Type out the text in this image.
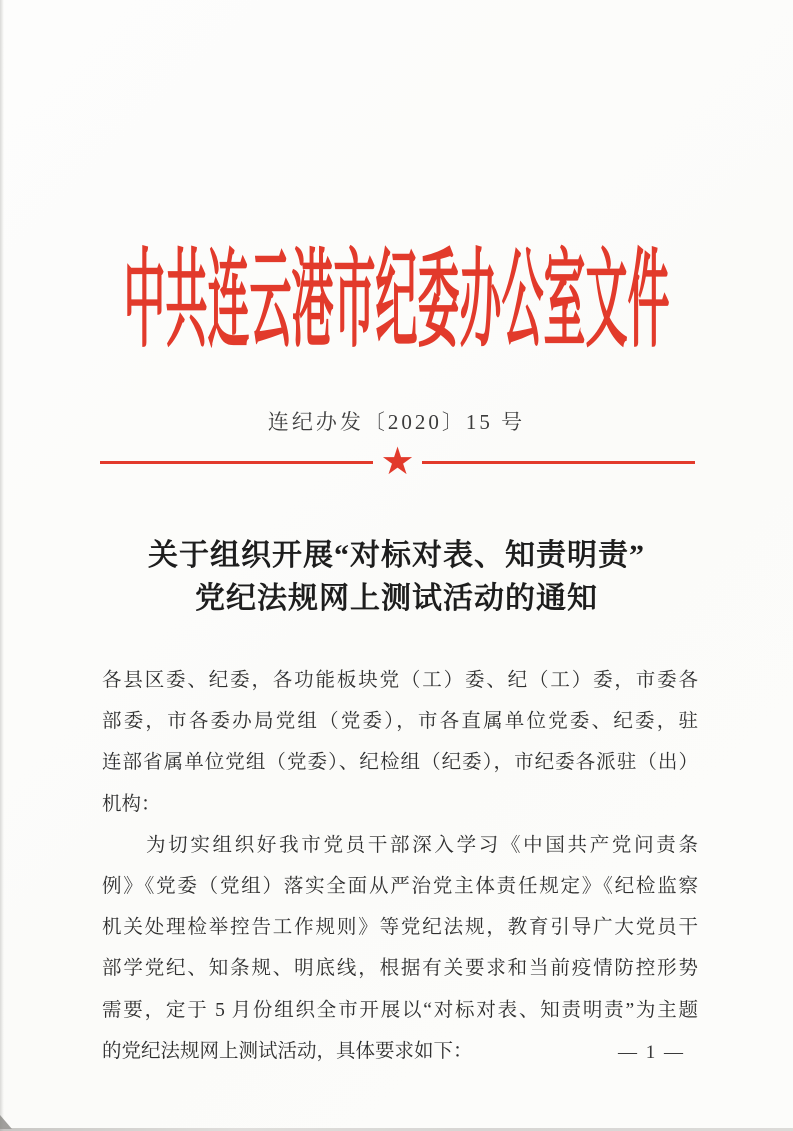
中共连云港市纪委办公室文件
连纪办发〔2020〕15 号
★
关于组织开展“对标对表、知责明责”
党纪法规网上测试活动的通知
各县区委、纪委，各功能板块党（工）委、纪（工）委，市委各
部委，市各委办局党组（党委），市各直属单位党委、纪委，驻
连部省属单位党组（党委）、纪检组（纪委），市纪委各派驻（出）
机构：
为切实组织好我市党员干部深入学习《中国共产党问责条
例》《党委（党组）落实全面从严治党主体责任规定》《纪检监察
机关处理检举控告工作规则》等党纪法规，教育引导广大党员干
部学党纪、知条规、明底线，根据有关要求和当前疫情防控形势
需要，定于 5 月份组织全市开展以“对标对表、知责明责”为主题
的党纪法规网上测试活动，具体要求如下：	— 1 —
